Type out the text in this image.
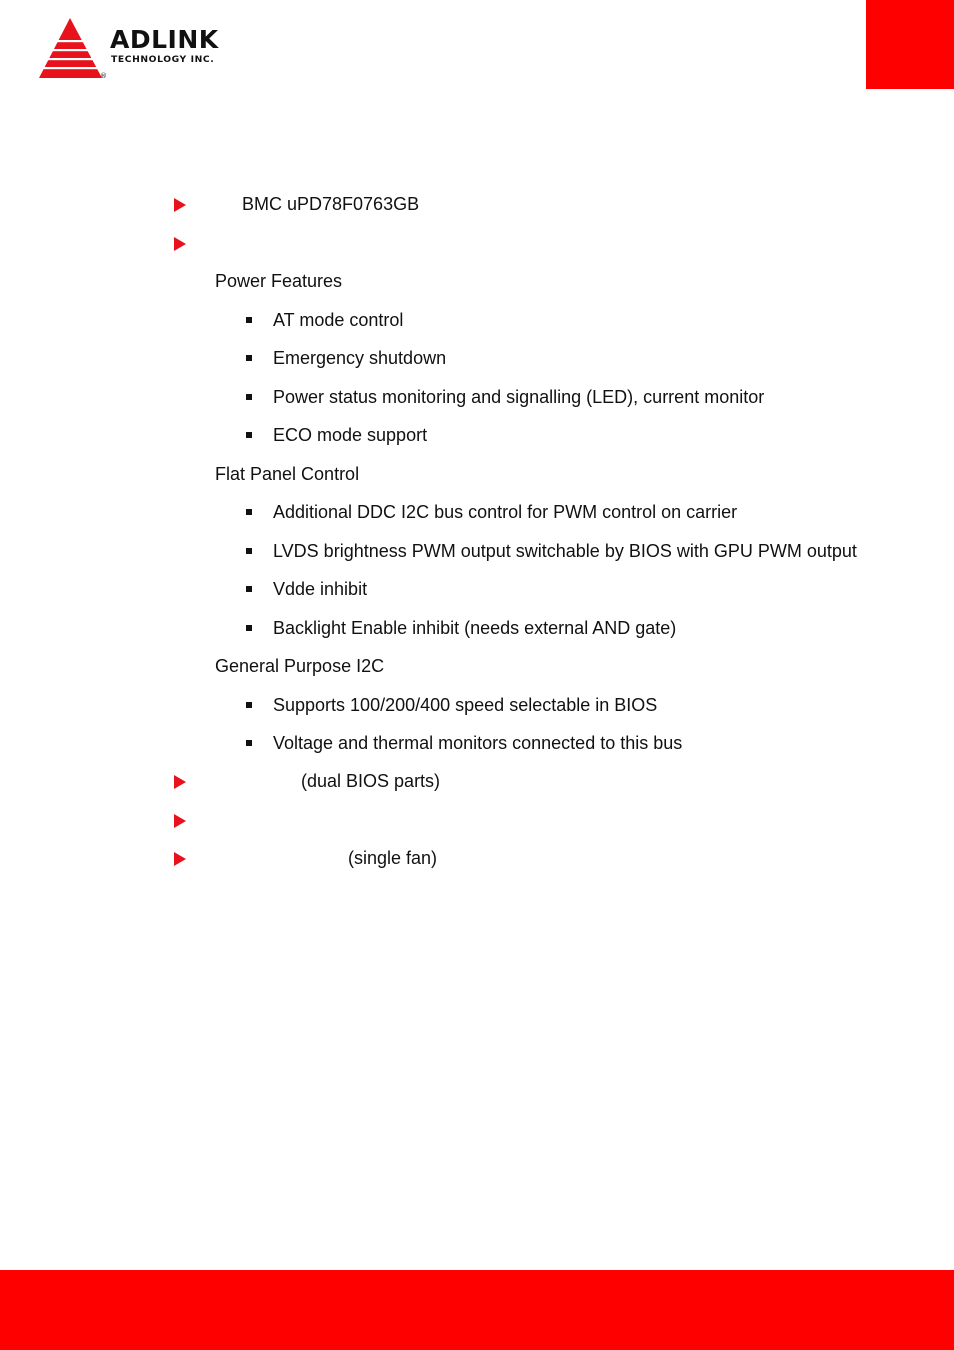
®
ADLINK
TECHNOLOGY INC.
BMC uPD78F0763GB
Power Features
AT mode control
Emergency shutdown
Power status monitoring and signalling (LED), current monitor
ECO mode support
Flat Panel Control
Additional DDC I2C bus control for PWM control on carrier
LVDS brightness PWM output switchable by BIOS with GPU PWM output
Vdde inhibit
Backlight Enable inhibit (needs external AND gate)
General Purpose I2C
Supports 100/200/400 speed selectable in BIOS
Voltage and thermal monitors connected to this bus
(dual BIOS parts)
(single fan)
